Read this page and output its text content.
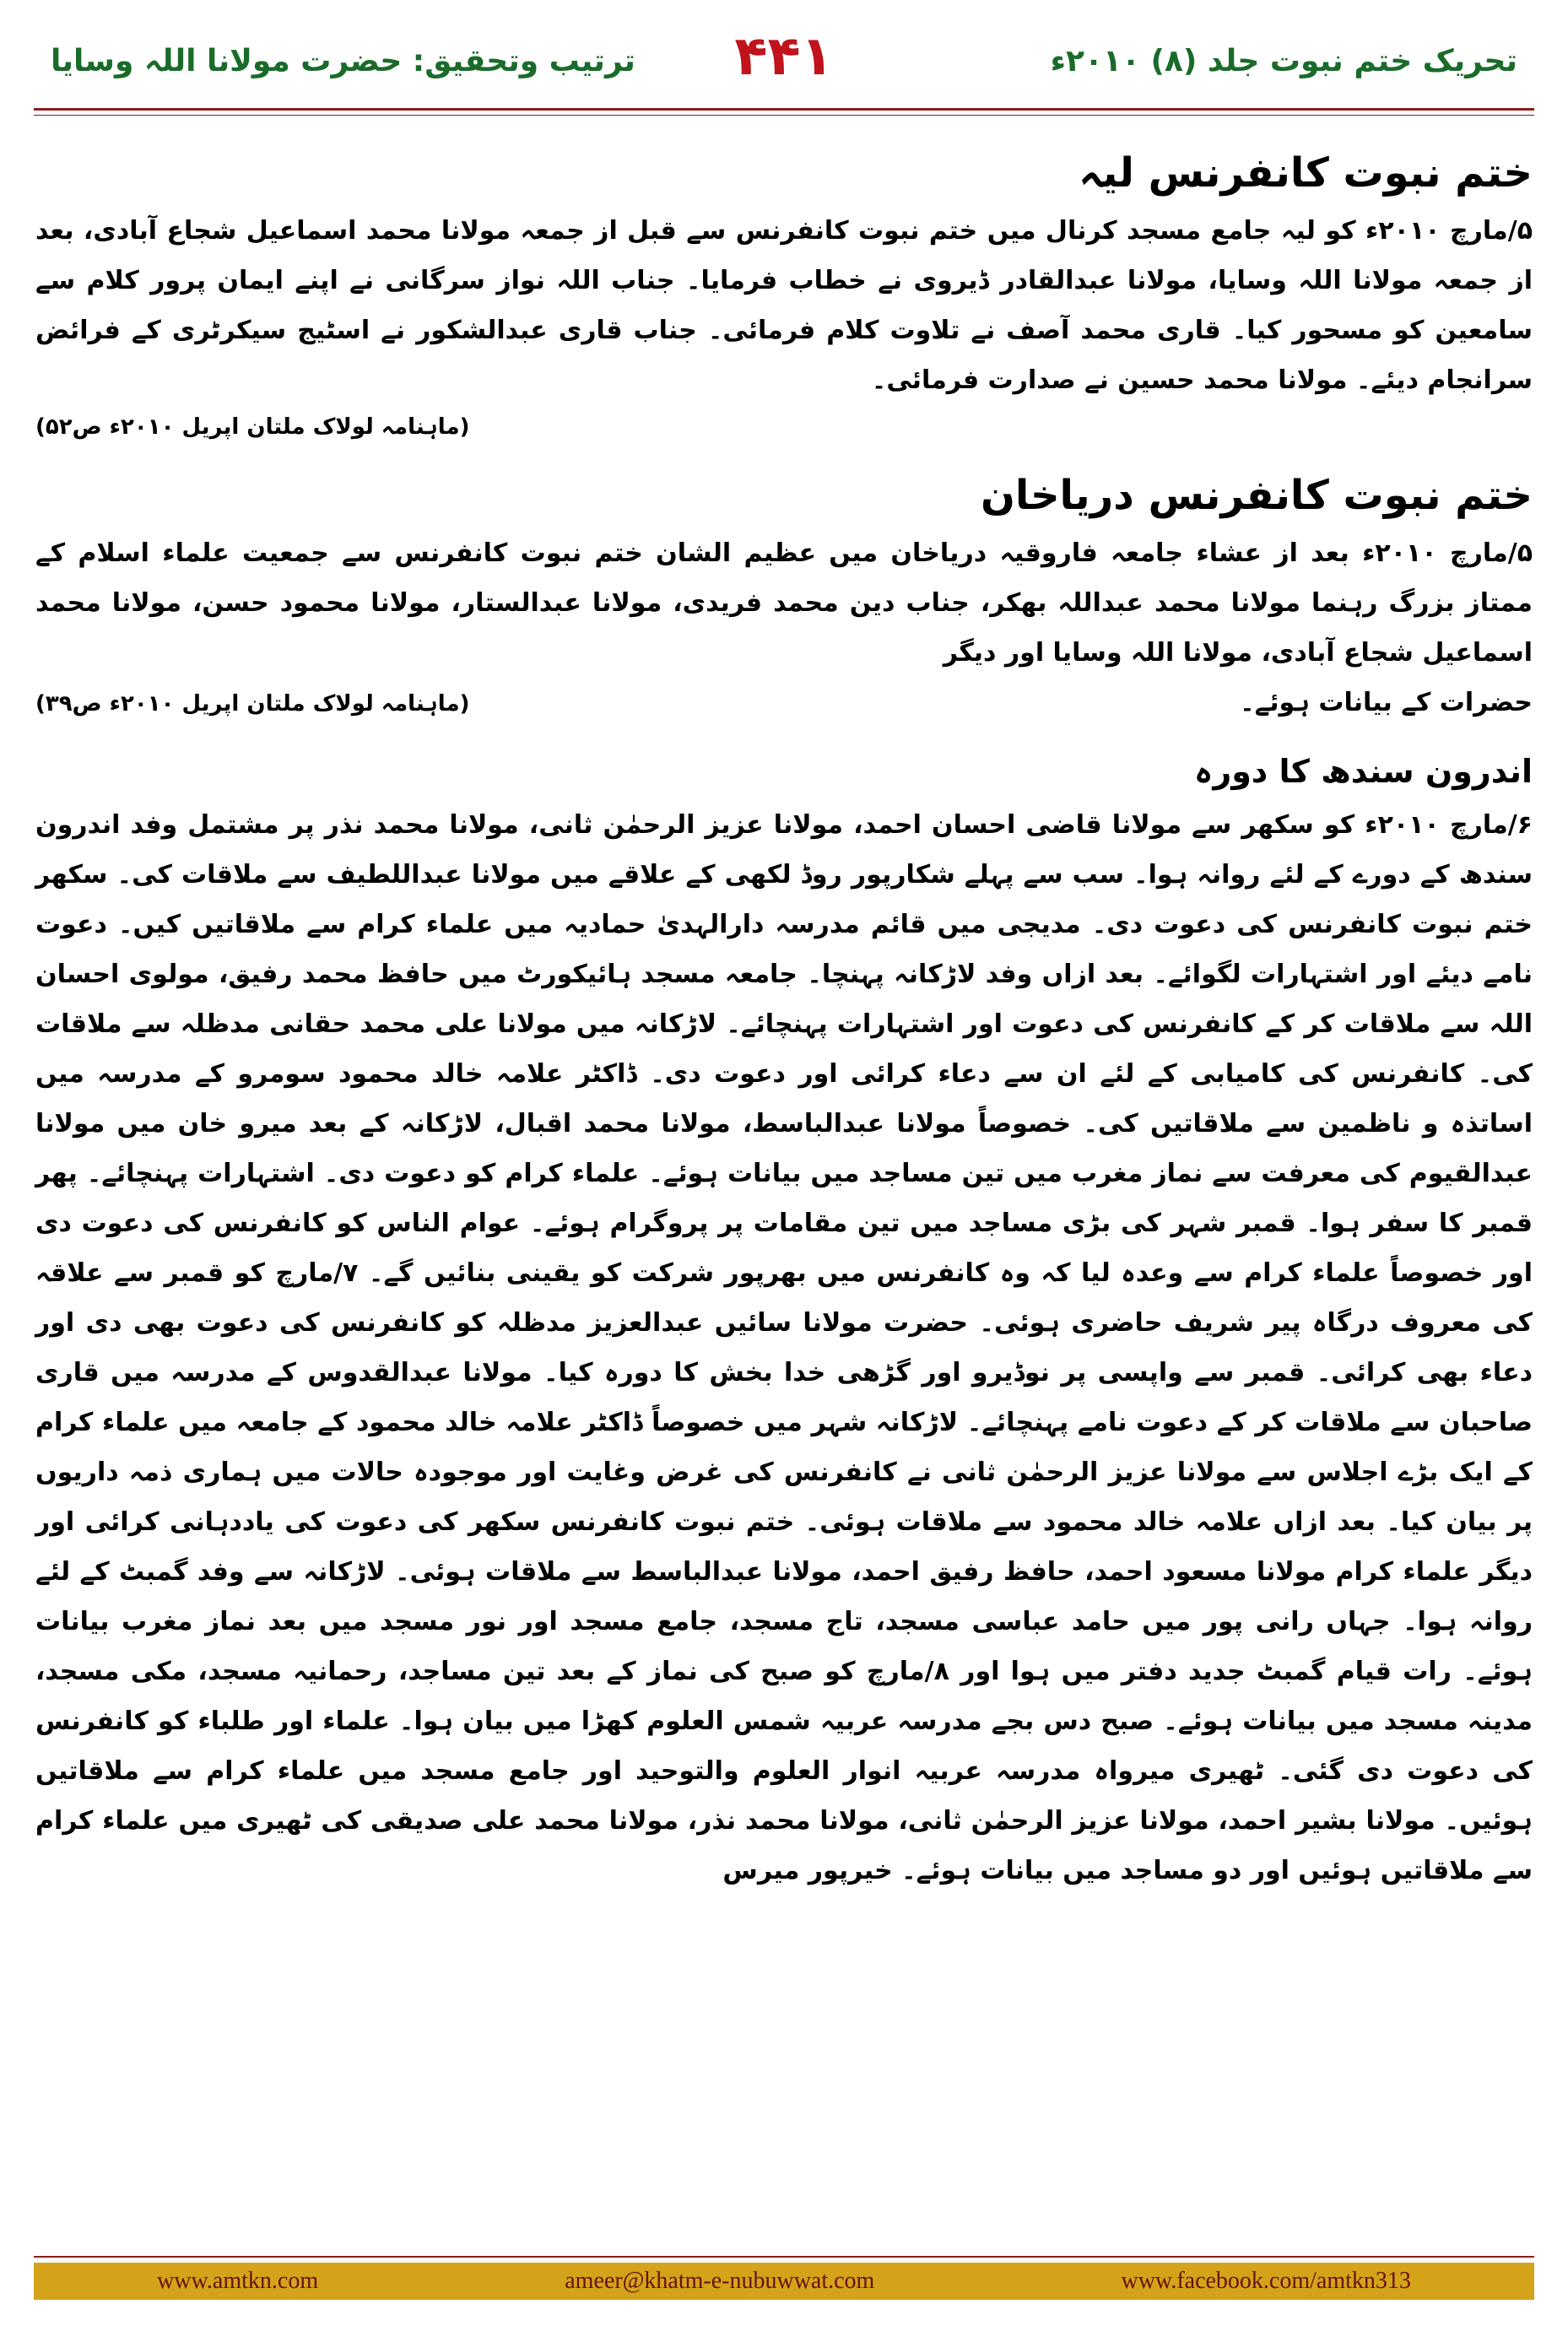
تحریک ختم نبوت جلد (۸) ۲۰۱۰ء
۴۴۱
ترتیب وتحقیق: حضرت مولانا اللہ وسایا
ختم نبوت کانفرنس لیہ

۵/مارچ ۲۰۱۰ء کو لیہ جامع مسجد کرنال میں ختم نبوت کانفرنس سے قبل از جمعہ مولانا محمد اسماعیل شجاع آبادی، بعد از جمعہ مولانا اللہ وسایا، مولانا عبدالقادر ڈیروی نے خطاب فرمایا۔ جناب اللہ نواز سرگانی نے اپنے ایمان پرور کلام سے سامعین کو مسحور کیا۔ قاری محمد آصف نے تلاوت کلام فرمائی۔ جناب قاری عبدالشکور نے اسٹیج سیکرٹری کے فرائض سرانجام دیئے۔ مولانا محمد حسین نے صدارت فرمائی۔

(ماہنامہ لولاک ملتان اپریل ۲۰۱۰ء ص۵۲)
ختم نبوت کانفرنس دریاخان

۵/مارچ ۲۰۱۰ء بعد از عشاء جامعہ فاروقیہ دریاخان میں عظیم الشان ختم نبوت کانفرنس سے جمعیت علماء اسلام کے ممتاز بزرگ رہنما مولانا محمد عبداللہ بھکر، جناب دین محمد فریدی، مولانا عبدالستار، مولانا محمود حسن، مولانا محمد اسماعیل شجاع آبادی، مولانا اللہ وسایا اور دیگر

حضرات کے بیانات ہوئے۔

(ماہنامہ لولاک ملتان اپریل ۲۰۱۰ء ص۳۹)
اندرون سندھ کا دورہ

۶/مارچ ۲۰۱۰ء کو سکھر سے مولانا قاضی احسان احمد، مولانا عزیز الرحمٰن ثانی، مولانا محمد نذر پر مشتمل وفد اندرون سندھ کے دورے کے لئے روانہ ہوا۔ سب سے پہلے شکارپور روڈ لکھی کے علاقے میں مولانا عبداللطیف سے ملاقات کی۔ سکھر ختم نبوت کانفرنس کی دعوت دی۔ مدیجی میں قائم مدرسہ دارالہدیٰ حمادیہ میں علماء کرام سے ملاقاتیں کیں۔ دعوت نامے دیئے اور اشتہارات لگوائے۔ بعد ازاں وفد لاڑکانہ پہنچا۔ جامعہ مسجد ہائیکورٹ میں حافظ محمد رفیق، مولوی احسان اللہ سے ملاقات کر کے کانفرنس کی دعوت اور اشتہارات پہنچائے۔ لاڑکانہ میں مولانا علی محمد حقانی مدظلہ سے ملاقات کی۔ کانفرنس کی کامیابی کے لئے ان سے دعاء کرائی اور دعوت دی۔ ڈاکٹر علامہ خالد محمود سومرو کے مدرسہ میں اساتذہ و ناظمین سے ملاقاتیں کی۔ خصوصاً مولانا عبدالباسط، مولانا محمد اقبال، لاڑکانہ کے بعد میرو خان میں مولانا عبدالقیوم کی معرفت سے نماز مغرب میں تین مساجد میں بیانات ہوئے۔ علماء کرام کو دعوت دی۔ اشتہارات پہنچائے۔ پھر قمبر کا سفر ہوا۔ قمبر شہر کی بڑی مساجد میں تین مقامات پر پروگرام ہوئے۔ عوام الناس کو کانفرنس کی دعوت دی اور خصوصاً علماء کرام سے وعدہ لیا کہ وہ کانفرنس میں بھرپور شرکت کو یقینی بنائیں گے۔ ۷/مارچ کو قمبر سے علاقہ کی معروف درگاہ پیر شریف حاضری ہوئی۔ حضرت مولانا سائیں عبدالعزیز مدظلہ کو کانفرنس کی دعوت بھی دی اور دعاء بھی کرائی۔ قمبر سے واپسی پر نوڈیرو اور گڑھی خدا بخش کا دورہ کیا۔ مولانا عبدالقدوس کے مدرسہ میں قاری صاحبان سے ملاقات کر کے دعوت نامے پہنچائے۔ لاڑکانہ شہر میں خصوصاً ڈاکٹر علامہ خالد محمود کے جامعہ میں علماء کرام کے ایک بڑے اجلاس سے مولانا عزیز الرحمٰن ثانی نے کانفرنس کی غرض وغایت اور موجودہ حالات میں ہماری ذمہ داریوں پر بیان کیا۔ بعد ازاں علامہ خالد محمود سے ملاقات ہوئی۔ ختم نبوت کانفرنس سکھر کی دعوت کی یاددہانی کرائی اور دیگر علماء کرام مولانا مسعود احمد، حافظ رفیق احمد، مولانا عبدالباسط سے ملاقات ہوئی۔ لاڑکانہ سے وفد گمبٹ کے لئے روانہ ہوا۔ جہاں رانی پور میں حامد عباسی مسجد، تاج مسجد، جامع مسجد اور نور مسجد میں بعد نماز مغرب بیانات ہوئے۔ رات قیام گمبٹ جدید دفتر میں ہوا اور ۸/مارچ کو صبح کی نماز کے بعد تین مساجد، رحمانیہ مسجد، مکی مسجد، مدینہ مسجد میں بیانات ہوئے۔ صبح دس بجے مدرسہ عربیہ شمس العلوم کھڑا میں بیان ہوا۔ علماء اور طلباء کو کانفرنس کی دعوت دی گئی۔ ٹھیری میرواہ مدرسہ عربیہ انوار العلوم والتوحید اور جامع مسجد میں علماء کرام سے ملاقاتیں ہوئیں۔ مولانا بشیر احمد، مولانا عزیز الرحمٰن ثانی، مولانا محمد نذر، مولانا محمد علی صدیقی کی ٹھیری میں علماء کرام سے ملاقاتیں ہوئیں اور دو مساجد میں بیانات ہوئے۔ خیرپور میرس

www.amtkn.com	ameer@khatm-e-nubuwwat.com	www.facebook.com/amtkn313
